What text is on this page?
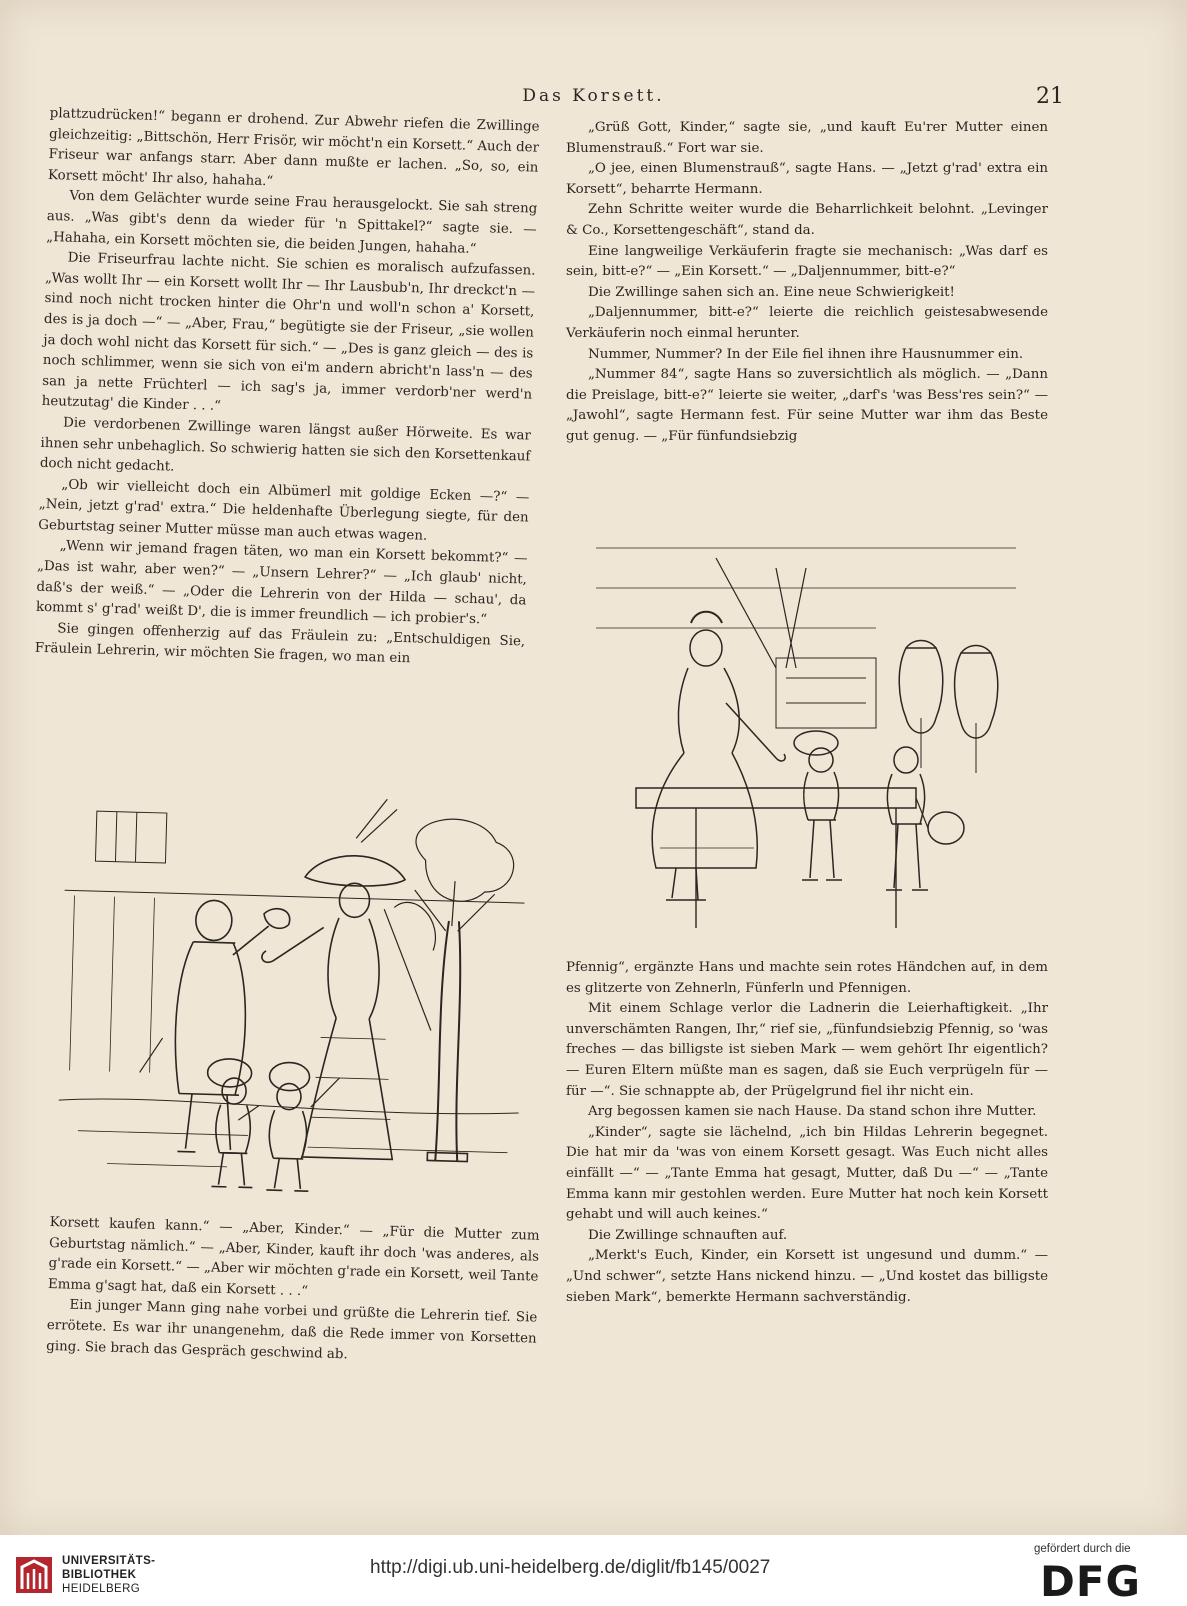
Das Korsett.	21

plattzudrücken!“ begann er drohend. Zur Abwehr riefen die Zwillinge gleichzeitig: „Bittschön, Herr Frisör, wir möcht'n ein Korsett.“ Auch der Friseur war anfangs starr. Aber dann mußte er lachen. „So, so, ein Korsett möcht' Ihr also, hahaha.“

Von dem Gelächter wurde seine Frau herausgelockt. Sie sah streng aus. „Was gibt's denn da wieder für 'n Spittakel?“ sagte sie. — „Hahaha, ein Korsett möchten sie, die beiden Jungen, hahaha.“

Die Friseurfrau lachte nicht. Sie schien es moralisch aufzufassen. „Was wollt Ihr — ein Korsett wollt Ihr — Ihr Lausbub'n, Ihr dreckct'n — sind noch nicht trocken hinter die Ohr'n und woll'n schon a' Korsett, des is ja doch —“ — „Aber, Frau,“ begütigte sie der Friseur, „sie wollen ja doch wohl nicht das Korsett für sich.“ — „Des is ganz gleich — des is noch schlimmer, wenn sie sich von ei'm andern abricht'n lass'n — des san ja nette Früchterl — ich sag's ja, immer verdorb'ner werd'n heutzutag' die Kinder . . .“

Die verdorbenen Zwillinge waren längst außer Hörweite. Es war ihnen sehr unbehaglich. So schwierig hatten sie sich den Korsettenkauf doch nicht gedacht.

„Ob wir vielleicht doch ein Albümerl mit goldige Ecken —?“ — „Nein, jetzt g'rad' extra.“ Die heldenhafte Überlegung siegte, für den Geburtstag seiner Mutter müsse man auch etwas wagen.

„Wenn wir jemand fragen täten, wo man ein Korsett bekommt?“ — „Das ist wahr, aber wen?“ — „Unsern Lehrer?“ — „Ich glaub' nicht, daß's der weiß.“ — „Oder die Lehrerin von der Hilda — schau', da kommt s' g'rad' weißt D', die is immer freundlich — ich probier's.“

Sie gingen offenherzig auf das Fräulein zu: „Entschuldigen Sie, Fräulein Lehrerin, wir möchten Sie fragen, wo man ein

Korsett kaufen kann.“ — „Aber, Kinder.“ — „Für die Mutter zum Geburtstag nämlich.“ — „Aber, Kinder, kauft ihr doch 'was anderes, als g'rade ein Korsett.“ — „Aber wir möchten g'rade ein Korsett, weil Tante Emma g'sagt hat, daß ein Korsett . . .“

Ein junger Mann ging nahe vorbei und grüßte die Lehrerin tief. Sie errötete. Es war ihr unangenehm, daß die Rede immer von Korsetten ging. Sie brach das Gespräch geschwind ab.

„Grüß Gott, Kinder,“ sagte sie, „und kauft Eu'rer Mutter einen Blumenstrauß.“ Fort war sie.

„O jee, einen Blumenstrauß“, sagte Hans. — „Jetzt g'rad' extra ein Korsett“, beharrte Hermann.

Zehn Schritte weiter wurde die Beharrlichkeit belohnt. „Levinger & Co., Korsettengeschäft“, stand da.

Eine langweilige Verkäuferin fragte sie mechanisch: „Was darf es sein, bitt-e?“ — „Ein Korsett.“ — „Daljennummer, bitt-e?“

Die Zwillinge sahen sich an. Eine neue Schwierigkeit!

„Daljennummer, bitt-e?“ leierte die reichlich geistesabwesende Verkäuferin noch einmal herunter.

Nummer, Nummer? In der Eile fiel ihnen ihre Hausnummer ein.

„Nummer 84“, sagte Hans so zuversichtlich als möglich. — „Dann die Preislage, bitt-e?“ leierte sie weiter, „darf's 'was Bess'res sein?“ — „Jawohl“, sagte Hermann fest. Für seine Mutter war ihm das Beste gut genug. — „Für fünfundsiebzig

Pfennig“, ergänzte Hans und machte sein rotes Händchen auf, in dem es glitzerte von Zehnerln, Fünferln und Pfennigen.

Mit einem Schlage verlor die Ladnerin die Leierhaftigkeit. „Ihr unverschämten Rangen, Ihr,“ rief sie, „fünfundsiebzig Pfennig, so 'was freches — das billigste ist sieben Mark — wem gehört Ihr eigentlich? — Euren Eltern müßte man es sagen, daß sie Euch verprügeln für — für —“. Sie schnappte ab, der Prügelgrund fiel ihr nicht ein.

Arg begossen kamen sie nach Hause. Da stand schon ihre Mutter.

„Kinder“, sagte sie lächelnd, „ich bin Hildas Lehrerin begegnet. Die hat mir da 'was von einem Korsett gesagt. Was Euch nicht alles einfällt —“ — „Tante Emma hat gesagt, Mutter, daß Du —“ — „Tante Emma kann mir gestohlen werden. Eure Mutter hat noch kein Korsett gehabt und will auch keines.“

Die Zwillinge schnauften auf.

„Merkt's Euch, Kinder, ein Korsett ist ungesund und dumm.“ — „Und schwer“, setzte Hans nickend hinzu. — „Und kostet das billigste sieben Mark“, bemerkte Hermann sachverständig.

UNIVERSITÄTS-
BIBLIOTHEK
HEIDELBERG
http://digi.ub.uni-heidelberg.de/diglit/fb145/0027
gefördert durch die
DFG
